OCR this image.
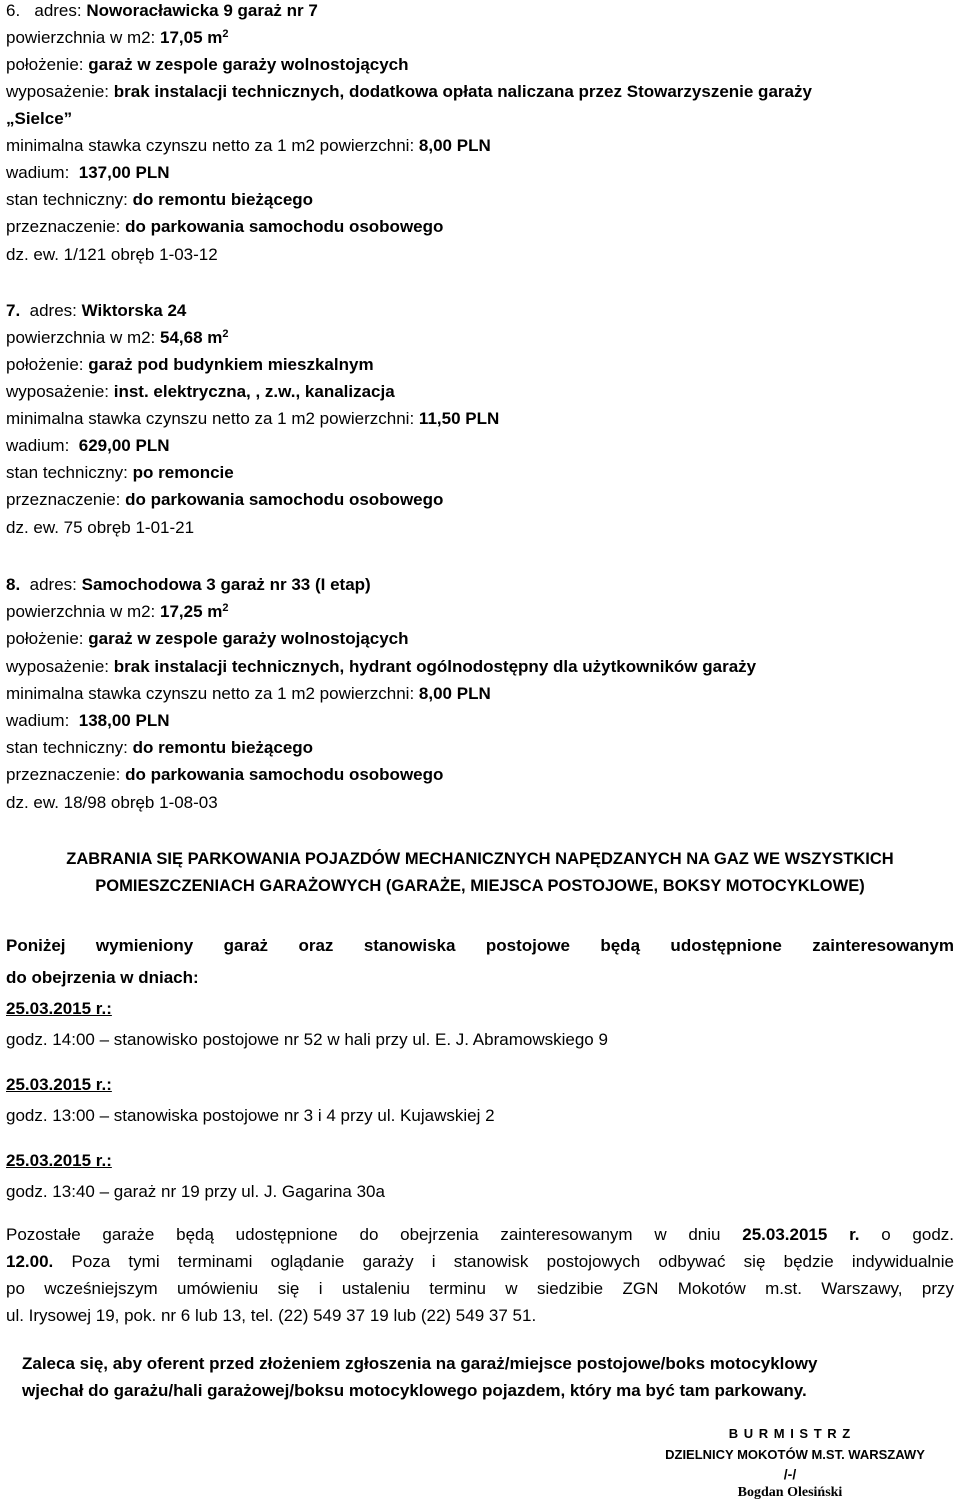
6. adres: Noworacławicka 9 garaż nr 7
powierzchnia w m2: 17,05 $m^2$
położenie: garaż w zespole garaży wolnostojących
wyposażenie: brak instalacji technicznych, dodatkowa opłata naliczana przez Stowarzyszenie garaży
„Sielce”
minimalna stawka czynszu netto za 1 m2 powierzchni: 8,00 PLN
wadium: 137,00 PLN
stan techniczny: do remontu bieżącego
przeznaczenie: do parkowania samochodu osobowego
dz. ew. 1/121 obręb 1-03-12
7. adres: Wiktorska 24
powierzchnia w m2: 54,68 $m^2$
położenie: garaż pod budynkiem mieszkalnym
wyposażenie: inst. elektryczna, , z.w., kanalizacja
minimalna stawka czynszu netto za 1 m2 powierzchni: 11,50 PLN
wadium: 629,00 PLN
stan techniczny: po remoncie
przeznaczenie: do parkowania samochodu osobowego
dz. ew. 75 obręb 1-01-21
8. adres: Samochodowa 3 garaż nr 33 (I etap)
powierzchnia w m2: 17,25 $m^2$
położenie: garaż w zespole garaży wolnostojących
wyposażenie: brak instalacji technicznych, hydrant ogólnodostępny dla użytkowników garaży
minimalna stawka czynszu netto za 1 m2 powierzchni: 8,00 PLN
wadium: 138,00 PLN
stan techniczny: do remontu bieżącego
przeznaczenie: do parkowania samochodu osobowego
dz. ew. 18/98 obręb 1-08-03
ZABRANIA SIĘ PARKOWANIA POJAZDÓW MECHANICZNYCH NAPĘDZANYCH NA GAZ WE WSZYSTKICH
POMIESZCZENIACH GARAŻOWYCH (GARAŻE, MIEJSCA POSTOJOWE, BOKSY MOTOCYKLOWE)
Poniżej wymieniony garaż oraz stanowiska postojowe będą udostępnione zainteresowanym
do obejrzenia w dniach:
25.03.2015 r.:
godz. 14:00 – stanowisko postojowe nr 52 w hali przy ul. E. J. Abramowskiego 9
25.03.2015 r.:
godz. 13:00 – stanowiska postojowe nr 3 i 4 przy ul. Kujawskiej 2
25.03.2015 r.:
godz. 13:40 – garaż nr 19 przy ul. J. Gagarina 30a
Pozostałe garaże będą udostępnione do obejrzenia zainteresowanym w dniu 25.03.2015 r. o godz.
12.00. Poza tymi terminami oglądanie garaży i stanowisk postojowych odbywać się będzie indywidualnie
po wcześniejszym umówieniu się i ustaleniu terminu w siedzibie ZGN Mokotów m.st. Warszawy, przy
ul. Irysowej 19, pok. nr 6 lub 13, tel. (22) 549 37 19 lub (22) 549 37 51.
Zaleca się, aby oferent przed złożeniem zgłoszenia na garaż/miejsce postojowe/boks motocyklowy
wjechał do garażu/hali garażowej/boksu motocyklowego pojazdem, który ma być tam parkowany.
B U R M I S T R Z
DZIELNICY MOKOTÓW M.ST. WARSZAWY
/-/
Bogdan Olesiński
